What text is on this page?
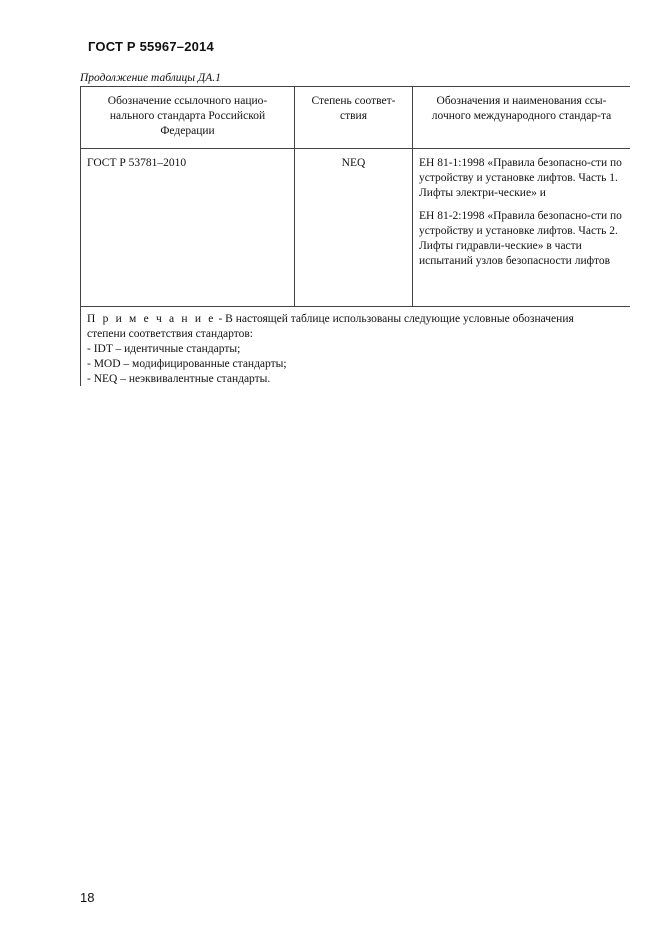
ГОСТ Р 55967–2014
Продолжение таблицы ДА.1
Обозначение ссылочного нацио-нального стандарта Российской Федерации	Степень соответ-ствия	Обозначения и наименования ссы-лочного международного стандар-та
ГОСТ Р 53781–2010	NEQ	ЕН 81-1:1998 «Правила безопасно-сти по устройству и установке лифтов. Часть 1. Лифты электри-ческие» и

ЕН 81-2:1998 «Правила безопасно-сти по устройству и установке лифтов. Часть 2. Лифты гидравли-ческие» в части испытаний узлов безопасности лифтов

П р и м е ч а н и е - В настоящей таблице использованы следующие условные обозначения
степени соответствия стандартов:
- IDT – идентичные стандарты;
- MOD – модифицированные стандарты;
- NEQ – неэквивалентные стандарты.		
18
